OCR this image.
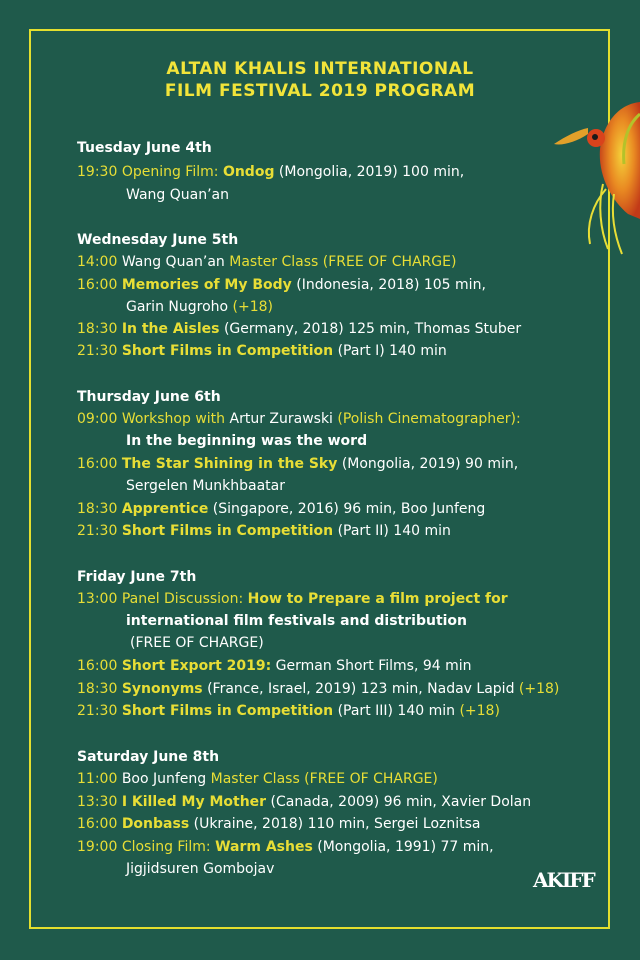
ALTAN KHALIS INTERNATIONAL
FILM FESTIVAL 2019 PROGRAM
Tuesday June 4th
19:30 Opening Film: Ondog (Mongolia, 2019) 100 min,
Wang Quan’an
Wednesday June 5th
14:00 Wang Quan’an Master Class (FREE OF CHARGE)
16:00 Memories of My Body (Indonesia, 2018) 105 min,
Garin Nugroho (+18)
18:30 In the Aisles (Germany, 2018) 125 min, Thomas Stuber
21:30 Short Films in Competition (Part I) 140 min
Thursday June 6th
09:00 Workshop with Artur Zurawski (Polish Cinematographer):
In the beginning was the word
16:00 The Star Shining in the Sky (Mongolia, 2019) 90 min,
Sergelen Munkhbaatar
18:30 Apprentice (Singapore, 2016) 96 min, Boo Junfeng
21:30 Short Films in Competition (Part II) 140 min
Friday June 7th
13:00 Panel Discussion: How to Prepare a film project for
international film festivals and distribution
(FREE OF CHARGE)
16:00 Short Export 2019: German Short Films, 94 min
18:30 Synonyms (France, Israel, 2019) 123 min, Nadav Lapid (+18)
21:30 Short Films in Competition (Part III) 140 min (+18)
Saturday June 8th
11:00 Boo Junfeng Master Class (FREE OF CHARGE)
13:30 I Killed My Mother (Canada, 2009) 96 min, Xavier Dolan
16:00 Donbass (Ukraine, 2018) 110 min, Sergei Loznitsa
19:00 Closing Film: Warm Ashes (Mongolia, 1991) 77 min,
Jigjidsuren Gombojav	AKIFF
